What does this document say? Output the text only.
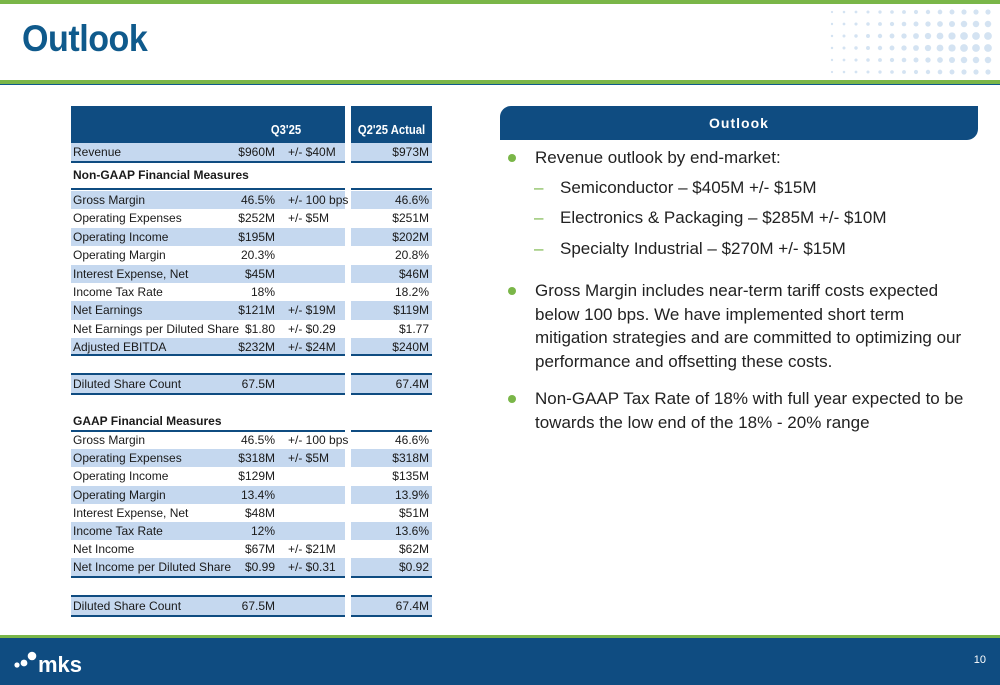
Outlook
Q3'25	Q2'25 Actual
Revenue	$960M +/- $40M	$973M
Non-GAAP Financial Measures
Gross Margin	46.5% +/- 100 bps	46.6%
Operating Expenses	$252M +/- $5M	$251M
Operating Income	$195M	$202M
Operating Margin	20.3%	20.8%
Interest Expense, Net	$45M	$46M
Income Tax Rate	18%	18.2%
Net Earnings	$121M +/- $19M	$119M
Net Earnings per Diluted Share $1.80 +/- $0.29	$1.77
Adjusted EBITDA	$232M +/- $24M	$240M
Diluted Share Count	67.5M	67.4M
GAAP Financial Measures
Gross Margin	46.5% +/- 100 bps	46.6%
Operating Expenses	$318M +/- $5M	$318M
Operating Income	$129M	$135M
Operating Margin	13.4%	13.9%
Interest Expense, Net	$48M	$51M
Income Tax Rate	12%	13.6%
Net Income	$67M +/- $21M	$62M
Net Income per Diluted Share	$0.99 +/- $0.31	$0.92
Diluted Share Count	67.5M	67.4M
Outlook
Revenue outlook by end-market:
– Semiconductor – $405M +/- $15M
– Electronics & Packaging – $285M +/- $10M
– Specialty Industrial – $270M +/- $15M
Gross Margin includes near-term tariff costs expected below 100 bps. We have implemented short term mitigation strategies and are committed to optimizing our performance and offsetting these costs.
Non-GAAP Tax Rate of 18% with full year expected to be towards the low end of the 18% - 20% range
mks	10
